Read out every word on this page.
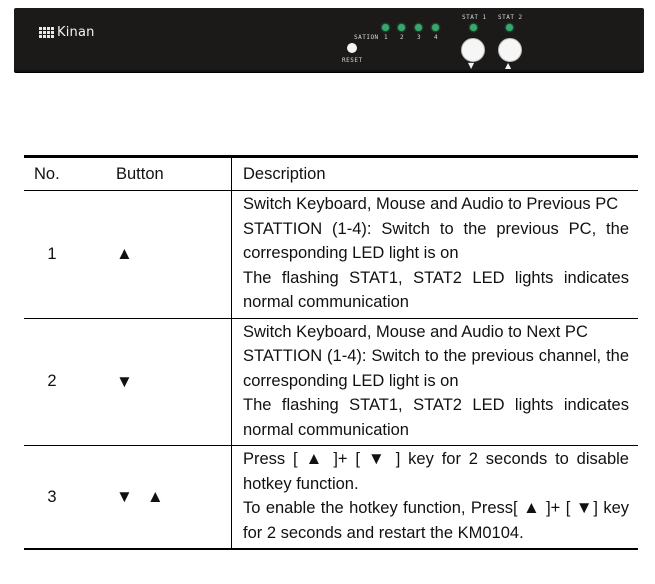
Kinan	SATION 1 2 3 4
RESET
STAT 1 STAT 2
▼	▲
No.	Button	Description
1	▲	Switch Keyboard, Mouse and Audio to Previous PC
STATTION (1-4): Switch to the previous PC, the corresponding LED light is on
The flashing STAT1, STAT2 LED lights indicates normal communication

2	▼	Switch Keyboard, Mouse and Audio to Next PC
STATTION (1-4): Switch to the previous channel, the corresponding LED light is on
The flashing STAT1, STAT2 LED lights indicates normal communication

3	▼ ▲	Press [ ▲ ]+ [ ▼ ] key for 2 seconds to disable hotkey function.
To enable the hotkey function, Press[ ▲ ]+ [ ▼] key for 2 seconds and restart the KM0104.
